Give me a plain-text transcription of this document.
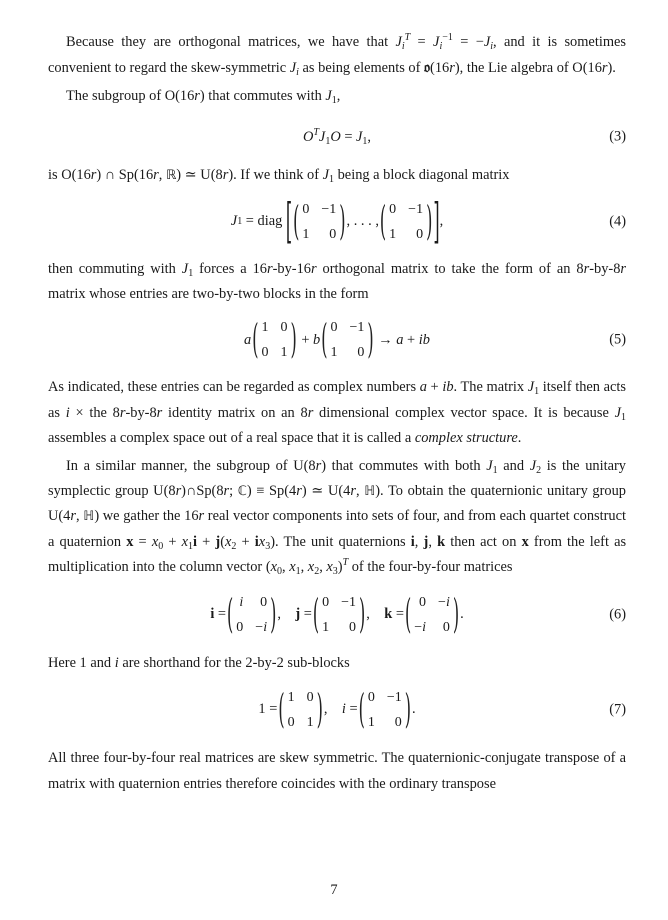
Because they are orthogonal matrices, we have that $J_i^T = J_i^{-1} = -J_i$, and it is sometimes convenient to regard the skew-symmetric $J_i$ as being elements of 𝔬(16r), the Lie algebra of O(16r).

The subgroup of O(16r) that commutes with $J_1$,

$O^TJ_1O = J_1$,	(3)

is O(16r) ∩ Sp(16r, ℝ) ≃ U(8r). If we think of $J_1$ being a block diagonal matrix

J 1 = diag [ ( 0 −1
1	0 ) , . . . , ( 0 −1
1	0 ) ] ,	(4)

then commuting with $J_1$ forces a 16r-by-16r orthogonal matrix to take the form of an 8r-by-8r matrix whose entries are two-by-two blocks in the form

a ( 1 0
0 1 ) + b ( 0 −1
1	0 ) → a + ib	(5)

As indicated, these entries can be regarded as complex numbers a + ib. The matrix $J_1$ itself then acts as i × the 8r-by-8r identity matrix on an 8r dimensional complex vector space. It is because $J_1$ assembles a complex space out of a real space that it is called a complex structure.

In a similar manner, the subgroup of U(8r) that commutes with both $J_1$ and $J_2$ is the unitary symplectic group U(8r)∩Sp(8r; ℂ) ≡ Sp(4r) ≃ U(4r, ℍ). To obtain the quaternionic unitary group U(4r, ℍ) we gather the 16r real vector components into sets of four, and from each quartet construct a quaternion $x = x_0 + x_1i + j(x_2 + ix_3)$. The unit quaternions i, j, k then act on x from the left as multiplication into the column vector ($x_0$, $x_1$, $x_2$, $x_3)^T$ of the four-by-four matrices

i = ( i	0
0 −i ) , j = ( 0 −1
1	0 ) , k = ( 0 −i
−i	0 ) .	(6)

Here 1 and i are shorthand for the 2-by-2 sub-blocks

1 = ( 1 0
0 1 ) , i = ( 0 −1
1	0 ) .	(7)

All three four-by-four real matrices are skew symmetric. The quaternionic-conjugate transpose of a matrix with quaternion entries therefore coincides with the ordinary transpose

7
